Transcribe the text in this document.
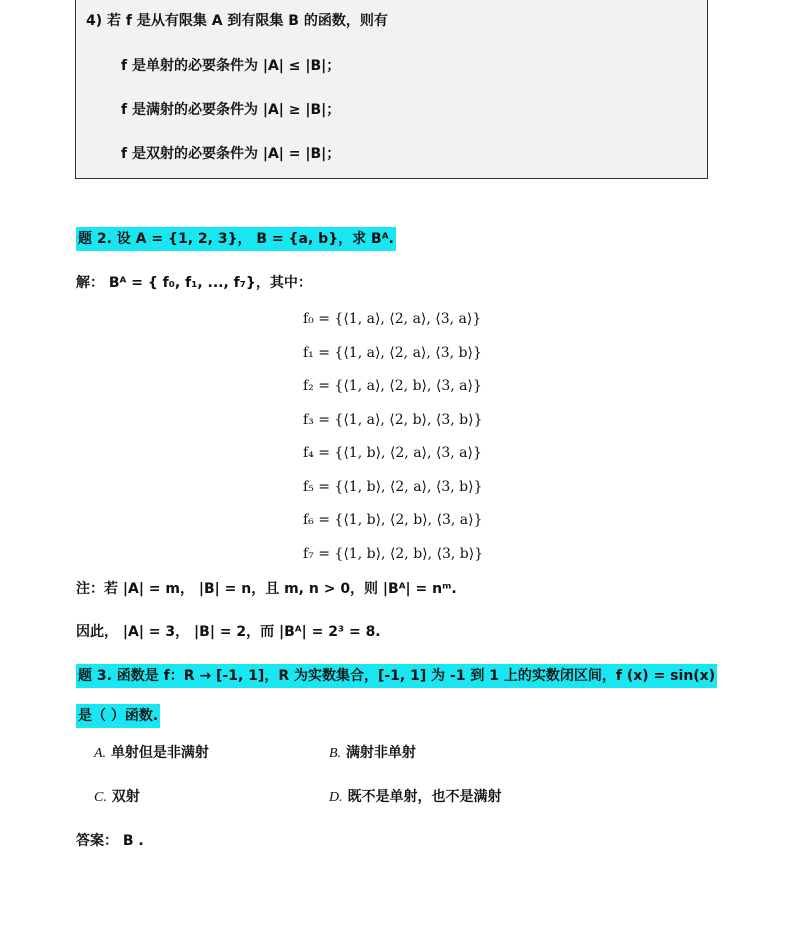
4) 若 f 是从有限集 A 到有限集 B 的函数，则有
f 是单射的必要条件为 |A| ≤ |B|；
f 是满射的必要条件为 |A| ≥ |B|；
f 是双射的必要条件为 |A| = |B|；
题 2. 设 A = {1, 2, 3}， B = {a, b}，求 Bᴬ.
解： Bᴬ = { f₀, f₁, ..., f₇}，其中：
f₀ = {⟨1, a⟩, ⟨2, a⟩, ⟨3, a⟩}
f₁ = {⟨1, a⟩, ⟨2, a⟩, ⟨3, b⟩}
f₂ = {⟨1, a⟩, ⟨2, b⟩, ⟨3, a⟩}
f₃ = {⟨1, a⟩, ⟨2, b⟩, ⟨3, b⟩}
f₄ = {⟨1, b⟩, ⟨2, a⟩, ⟨3, a⟩}
f₅ = {⟨1, b⟩, ⟨2, a⟩, ⟨3, b⟩}
f₆ = {⟨1, b⟩, ⟨2, b⟩, ⟨3, a⟩}
f₇ = {⟨1, b⟩, ⟨2, b⟩, ⟨3, b⟩}
注：若 |A| = m， |B| = n，且 m, n > 0，则 |Bᴬ| = nᵐ.
因此， |A| = 3， |B| = 2，而 |Bᴬ| = 2³ = 8.
题 3. 函数是 f：R → [-1, 1]，R 为实数集合，[-1, 1] 为 -1 到 1 上的实数闭区间，f (x) = sin(x)
是（ ）函数.
A. 单射但是非满射	B. 满射非单射
C. 双射	D. 既不是单射，也不是满射
答案： B .
